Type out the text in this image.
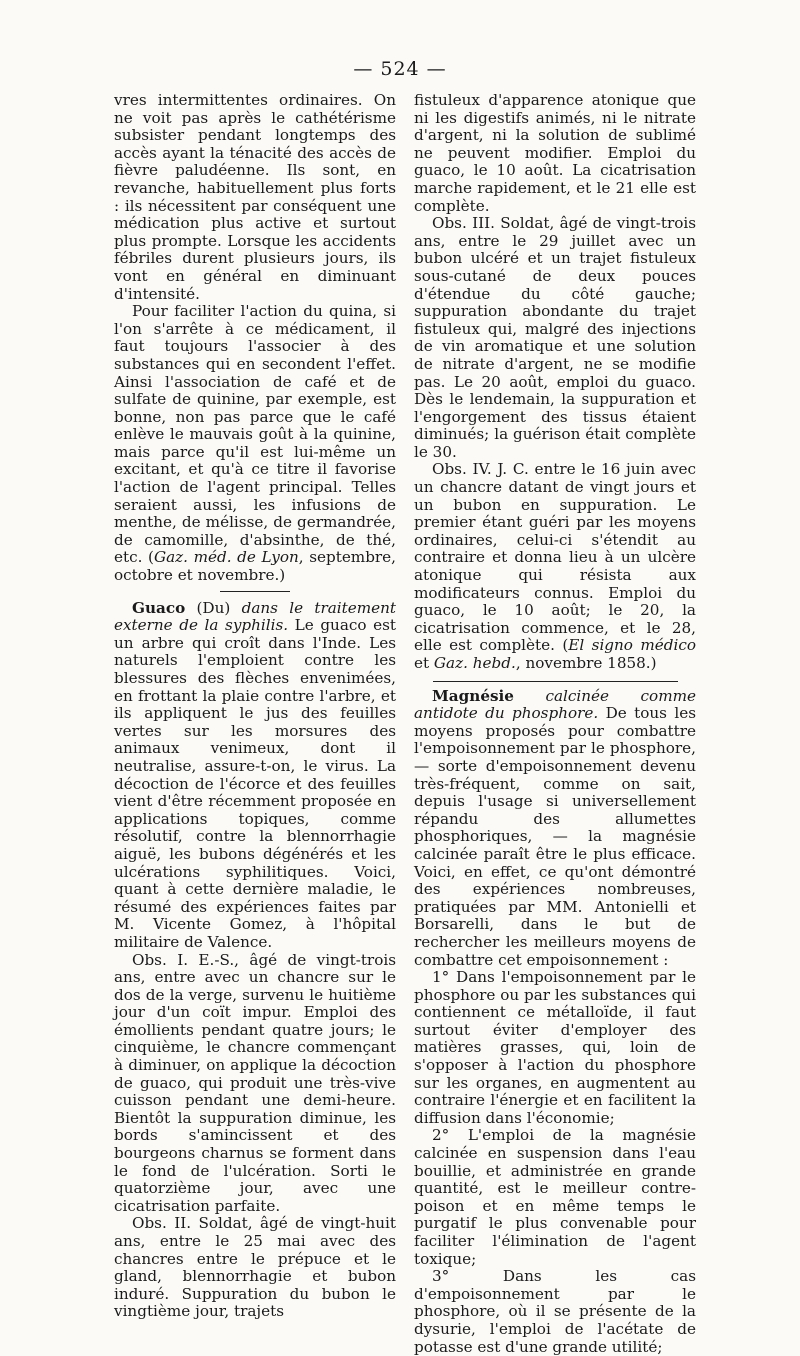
— 524 —

vres intermittentes ordinaires. On ne voit pas après le cathétérisme subsister pendant longtemps des accès ayant la ténacité des accès de fièvre paludéenne. Ils sont, en revanche, habituellement plus forts : ils nécessitent par conséquent une médication plus active et surtout plus prompte. Lorsque les accidents fébriles durent plusieurs jours, ils vont en général en diminuant d'intensité.

Pour faciliter l'action du quina, si l'on s'arrête à ce médicament, il faut toujours l'associer à des substances qui en secondent l'effet. Ainsi l'association de café et de sulfate de quinine, par exemple, est bonne, non pas parce que le café enlève le mauvais goût à la quinine, mais parce qu'il est lui-même un excitant, et qu'à ce titre il favorise l'action de l'agent principal. Telles seraient aussi, les infusions de menthe, de mélisse, de germandrée, de camomille, d'absinthe, de thé, etc. (Gaz. méd. de Lyon, septembre, octobre et novembre.)

Guaco (Du) dans le traitement externe de la syphilis. Le guaco est un arbre qui croît dans l'Inde. Les naturels l'emploient contre les blessures des flèches envenimées, en frottant la plaie contre l'arbre, et ils appliquent le jus des feuilles vertes sur les morsures des animaux venimeux, dont il neutralise, assure-t-on, le virus. La décoction de l'écorce et des feuilles vient d'être récemment proposée en applications topiques, comme résolutif, contre la blennorrhagie aiguë, les bubons dégénérés et les ulcérations syphilitiques. Voici, quant à cette dernière maladie, le résumé des expériences faites par M. Vicente Gomez, à l'hôpital militaire de Valence.

Obs. I. E.-S., âgé de vingt-trois ans, entre avec un chancre sur le dos de la verge, survenu le huitième jour d'un coït impur. Emploi des émollients pendant quatre jours; le cinquième, le chancre commençant à diminuer, on applique la décoction de guaco, qui produit une très-vive cuisson pendant une demi-heure. Bientôt la suppuration diminue, les bords s'amincissent et des bourgeons charnus se forment dans le fond de l'ulcération. Sorti le quatorzième jour, avec une cicatrisation parfaite.

Obs. II. Soldat, âgé de vingt-huit ans, entre le 25 mai avec des chancres entre le prépuce et le gland, blennorrhagie et bubon induré. Suppuration du bubon le vingtième jour, trajets

fistuleux d'apparence atonique que ni les digestifs animés, ni le nitrate d'argent, ni la solution de sublimé ne peuvent modifier. Emploi du guaco, le 10 août. La cicatrisation marche rapidement, et le 21 elle est complète.

Obs. III. Soldat, âgé de vingt-trois ans, entre le 29 juillet avec un bubon ulcéré et un trajet fistuleux sous-cutané de deux pouces d'étendue du côté gauche; suppuration abondante du trajet fistuleux qui, malgré des injections de vin aromatique et une solution de nitrate d'argent, ne se modifie pas. Le 20 août, emploi du guaco. Dès le lendemain, la suppuration et l'engorgement des tissus étaient diminués; la guérison était complète le 30.

Obs. IV. J. C. entre le 16 juin avec un chancre datant de vingt jours et un bubon en suppuration. Le premier étant guéri par les moyens ordinaires, celui-ci s'étendit au contraire et donna lieu à un ulcère atonique qui résista aux modificateurs connus. Emploi du guaco, le 10 août; le 20, la cicatrisation commence, et le 28, elle est complète. (El signo médico et Gaz. hebd., novembre 1858.)

Magnésie calcinée comme antidote du phosphore. De tous les moyens proposés pour combattre l'empoisonnement par le phosphore, — sorte d'empoisonnement devenu très-fréquent, comme on sait, depuis l'usage si universellement répandu des allumettes phosphoriques, — la magnésie calcinée paraît être le plus efficace. Voici, en effet, ce qu'ont démontré des expériences nombreuses, pratiquées par MM. Antonielli et Borsarelli, dans le but de rechercher les meilleurs moyens de combattre cet empoisonnement :

1° Dans l'empoisonnement par le phosphore ou par les substances qui contiennent ce métalloïde, il faut surtout éviter d'employer des matières grasses, qui, loin de s'opposer à l'action du phosphore sur les organes, en augmentent au contraire l'énergie et en facilitent la diffusion dans l'économie;

2° L'emploi de la magnésie calcinée en suspension dans l'eau bouillie, et administrée en grande quantité, est le meilleur contre-poison et en même temps le purgatif le plus convenable pour faciliter l'élimination de l'agent toxique;

3° Dans les cas d'empoisonnement par le phosphore, où il se présente de la dysurie, l'emploi de l'acétate de potasse est d'une grande utilité;
